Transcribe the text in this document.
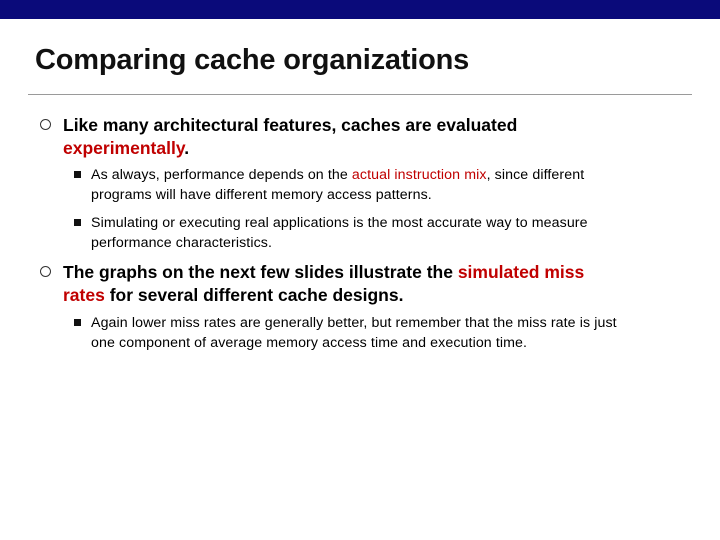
Comparing cache organizations
Like many architectural features, caches are evaluated experimentally.
As always, performance depends on the actual instruction mix, since different programs will have different memory access patterns.
Simulating or executing real applications is the most accurate way to measure performance characteristics.
The graphs on the next few slides illustrate the simulated miss rates for several different cache designs.
Again lower miss rates are generally better, but remember that the miss rate is just one component of average memory access time and execution time.
